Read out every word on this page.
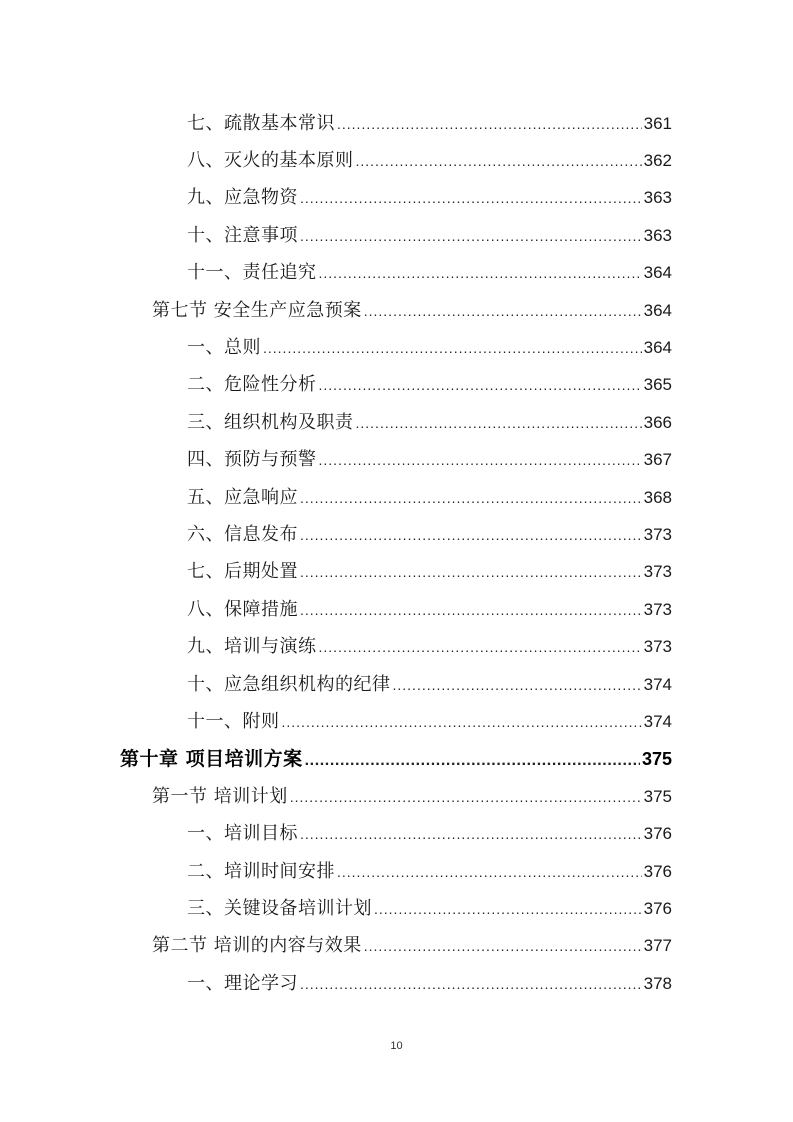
七、疏散基本常识 .....	361
八、灭火的基本原则 .....	362
九、应急物资 .....	363
十、注意事项 .....	363
十一、责任追究 .....	364
第七节 安全生产应急预案 .....	364
一、总则 .....	364
二、危险性分析 .....	365
三、组织机构及职责 .....	366
四、预防与预警 .....	367
五、应急响应 .....	368
六、信息发布 .....	373
七、后期处置 .....	373
八、保障措施 .....	373
九、培训与演练 .....	373
十、应急组织机构的纪律 .....	374
十一、附则 .....	374
第十章 项目培训方案 .....	375
第一节 培训计划 .....	375
一、培训目标 .....	376
二、培训时间安排 .....	376
三、关键设备培训计划 .....	376
第二节 培训的内容与效果 .....	377
一、理论学习 .....	378
10
